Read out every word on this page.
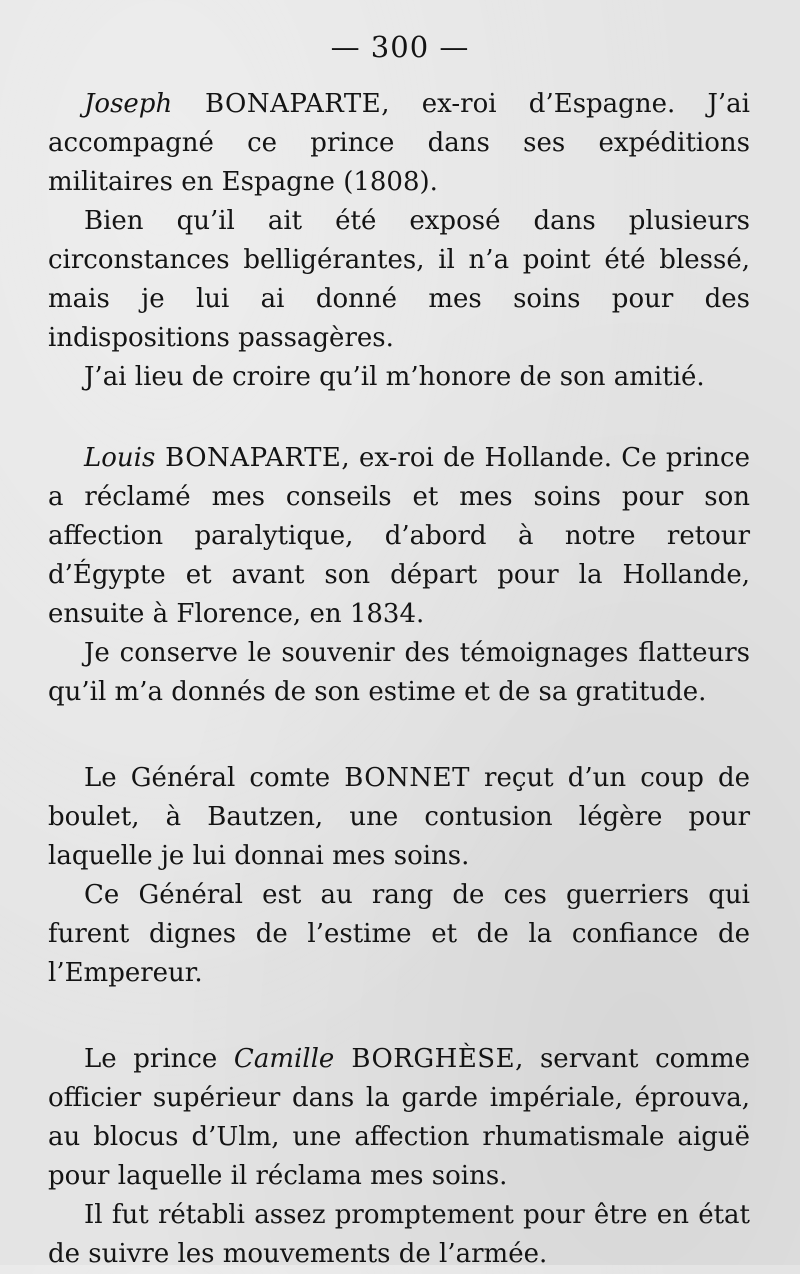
— 300 —

Joseph BONAPARTE, ex-roi d’Espagne. J’ai accompagné ce prince dans ses expéditions militaires en Espagne (1808).

Bien qu’il ait été exposé dans plusieurs circonstances belligérantes, il n’a point été blessé, mais je lui ai donné mes soins pour des indispositions passagères.

J’ai lieu de croire qu’il m’honore de son amitié.

Louis BONAPARTE, ex-roi de Hollande. Ce prince a réclamé mes conseils et mes soins pour son affection paralytique, d’abord à notre retour d’Égypte et avant son départ pour la Hollande, ensuite à Florence, en 1834.

Je conserve le souvenir des témoignages flatteurs qu’il m’a donnés de son estime et de sa gratitude.

Le Général comte BONNET reçut d’un coup de boulet, à Bautzen, une contusion légère pour laquelle je lui donnai mes soins.

Ce Général est au rang de ces guerriers qui furent dignes de l’estime et de la confiance de l’Empereur.

Le prince Camille BORGHÈSE, servant comme officier supérieur dans la garde impériale, éprouva, au blocus d’Ulm, une affection rhumatismale aiguë pour laquelle il réclama mes soins.

Il fut rétabli assez promptement pour être en état de suivre les mouvements de l’armée.
